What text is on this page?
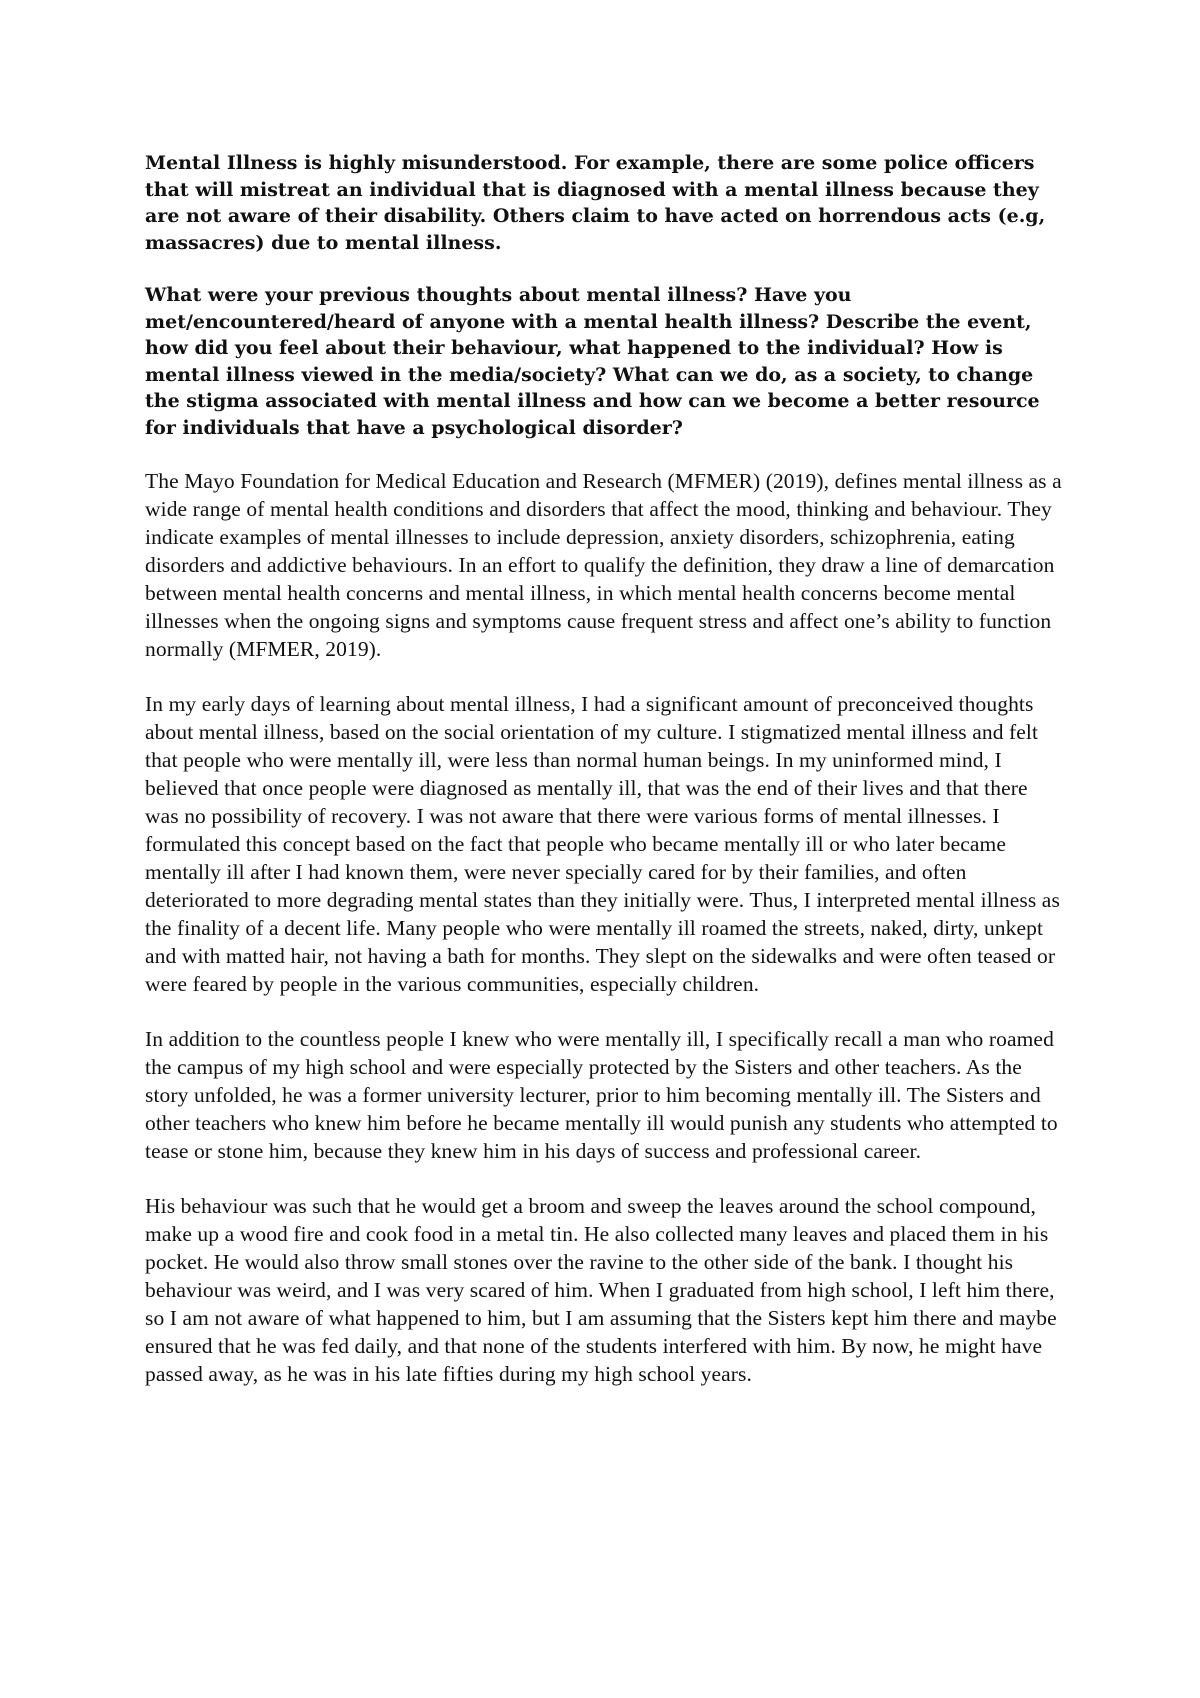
Mental Illness is highly misunderstood. For example, there are some police officers that will mistreat an individual that is diagnosed with a mental illness because they are not aware of their disability. Others claim to have acted on horrendous acts (e.g, massacres) due to mental illness.

What were your previous thoughts about mental illness? Have you met/encountered/heard of anyone with a mental health illness? Describe the event, how did you feel about their behaviour, what happened to the individual? How is mental illness viewed in the media/society? What can we do, as a society, to change the stigma associated with mental illness and how can we become a better resource for individuals that have a psychological disorder?

The Mayo Foundation for Medical Education and Research (MFMER) (2019), defines mental illness as a wide range of mental health conditions and disorders that affect the mood, thinking and behaviour. They indicate examples of mental illnesses to include depression, anxiety disorders, schizophrenia, eating disorders and addictive behaviours. In an effort to qualify the definition, they draw a line of demarcation between mental health concerns and mental illness, in which mental health concerns become mental illnesses when the ongoing signs and symptoms cause frequent stress and affect one’s ability to function normally (MFMER, 2019).

In my early days of learning about mental illness, I had a significant amount of preconceived thoughts about mental illness, based on the social orientation of my culture. I stigmatized mental illness and felt that people who were mentally ill, were less than normal human beings. In my uninformed mind, I believed that once people were diagnosed as mentally ill, that was the end of their lives and that there was no possibility of recovery. I was not aware that there were various forms of mental illnesses. I formulated this concept based on the fact that people who became mentally ill or who later became mentally ill after I had known them, were never specially cared for by their families, and often deteriorated to more degrading mental states than they initially were. Thus, I interpreted mental illness as the finality of a decent life. Many people who were mentally ill roamed the streets, naked, dirty, unkept and with matted hair, not having a bath for months. They slept on the sidewalks and were often teased or were feared by people in the various communities, especially children.

In addition to the countless people I knew who were mentally ill, I specifically recall a man who roamed the campus of my high school and were especially protected by the Sisters and other teachers. As the story unfolded, he was a former university lecturer, prior to him becoming mentally ill. The Sisters and other teachers who knew him before he became mentally ill would punish any students who attempted to tease or stone him, because they knew him in his days of success and professional career.

His behaviour was such that he would get a broom and sweep the leaves around the school compound, make up a wood fire and cook food in a metal tin. He also collected many leaves and placed them in his pocket. He would also throw small stones over the ravine to the other side of the bank. I thought his behaviour was weird, and I was very scared of him. When I graduated from high school, I left him there, so I am not aware of what happened to him, but I am assuming that the Sisters kept him there and maybe ensured that he was fed daily, and that none of the students interfered with him. By now, he might have passed away, as he was in his late fifties during my high school years.
